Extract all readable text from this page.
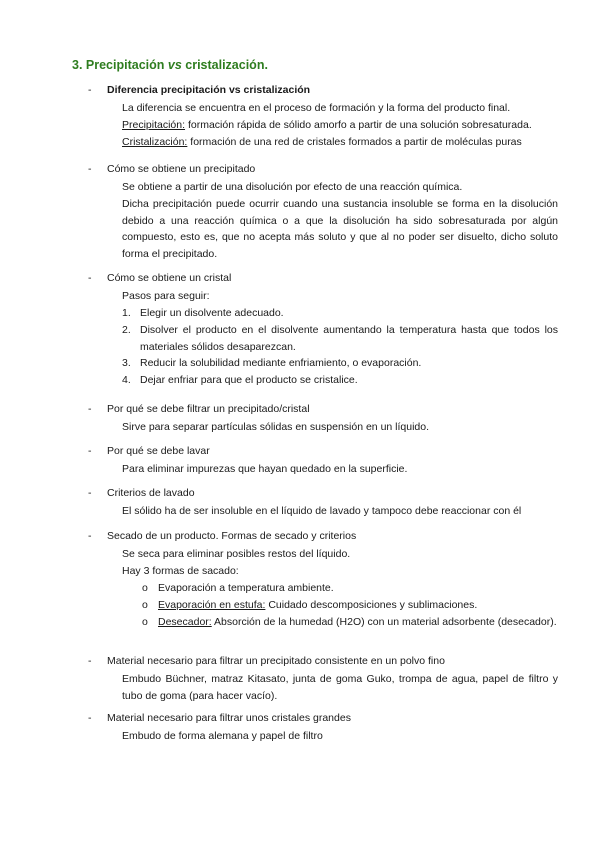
3. Precipitación vs cristalización.
- Diferencia precipitación vs cristalización
La diferencia se encuentra en el proceso de formación y la forma del producto final.
Precipitación: formación rápida de sólido amorfo a partir de una solución sobresaturada.
Cristalización: formación de una red de cristales formados a partir de moléculas puras
- Cómo se obtiene un precipitado
Se obtiene a partir de una disolución por efecto de una reacción química.
Dicha precipitación puede ocurrir cuando una sustancia insoluble se forma en la disolución debido a una reacción química o a que la disolución ha sido sobresaturada por algún compuesto, esto es, que no acepta más soluto y que al no poder ser disuelto, dicho soluto forma el precipitado.
- Cómo se obtiene un cristal
Pasos para seguir:
1. Elegir un disolvente adecuado.
2. Disolver el producto en el disolvente aumentando la temperatura hasta que todos los materiales sólidos desaparezcan.
3. Reducir la solubilidad mediante enfriamiento, o evaporación.
4. Dejar enfriar para que el producto se cristalice.
- Por qué se debe filtrar un precipitado/cristal
Sirve para separar partículas sólidas en suspensión en un líquido.
- Por qué se debe lavar
Para eliminar impurezas que hayan quedado en la superficie.
- Criterios de lavado
El sólido ha de ser insoluble en el líquido de lavado y tampoco debe reaccionar con él
- Secado de un producto. Formas de secado y criterios
Se seca para eliminar posibles restos del líquido.
Hay 3 formas de sacado:
o Evaporación a temperatura ambiente.
o Evaporación en estufa: Cuidado descomposiciones y sublimaciones.
o Desecador: Absorción de la humedad (H2O) con un material adsorbente (desecador).
- Material necesario para filtrar un precipitado consistente en un polvo fino
Embudo Büchner, matraz Kitasato, junta de goma Guko, trompa de agua, papel de filtro y tubo de goma (para hacer vacío).
- Material necesario para filtrar unos cristales grandes
Embudo de forma alemana y papel de filtro
